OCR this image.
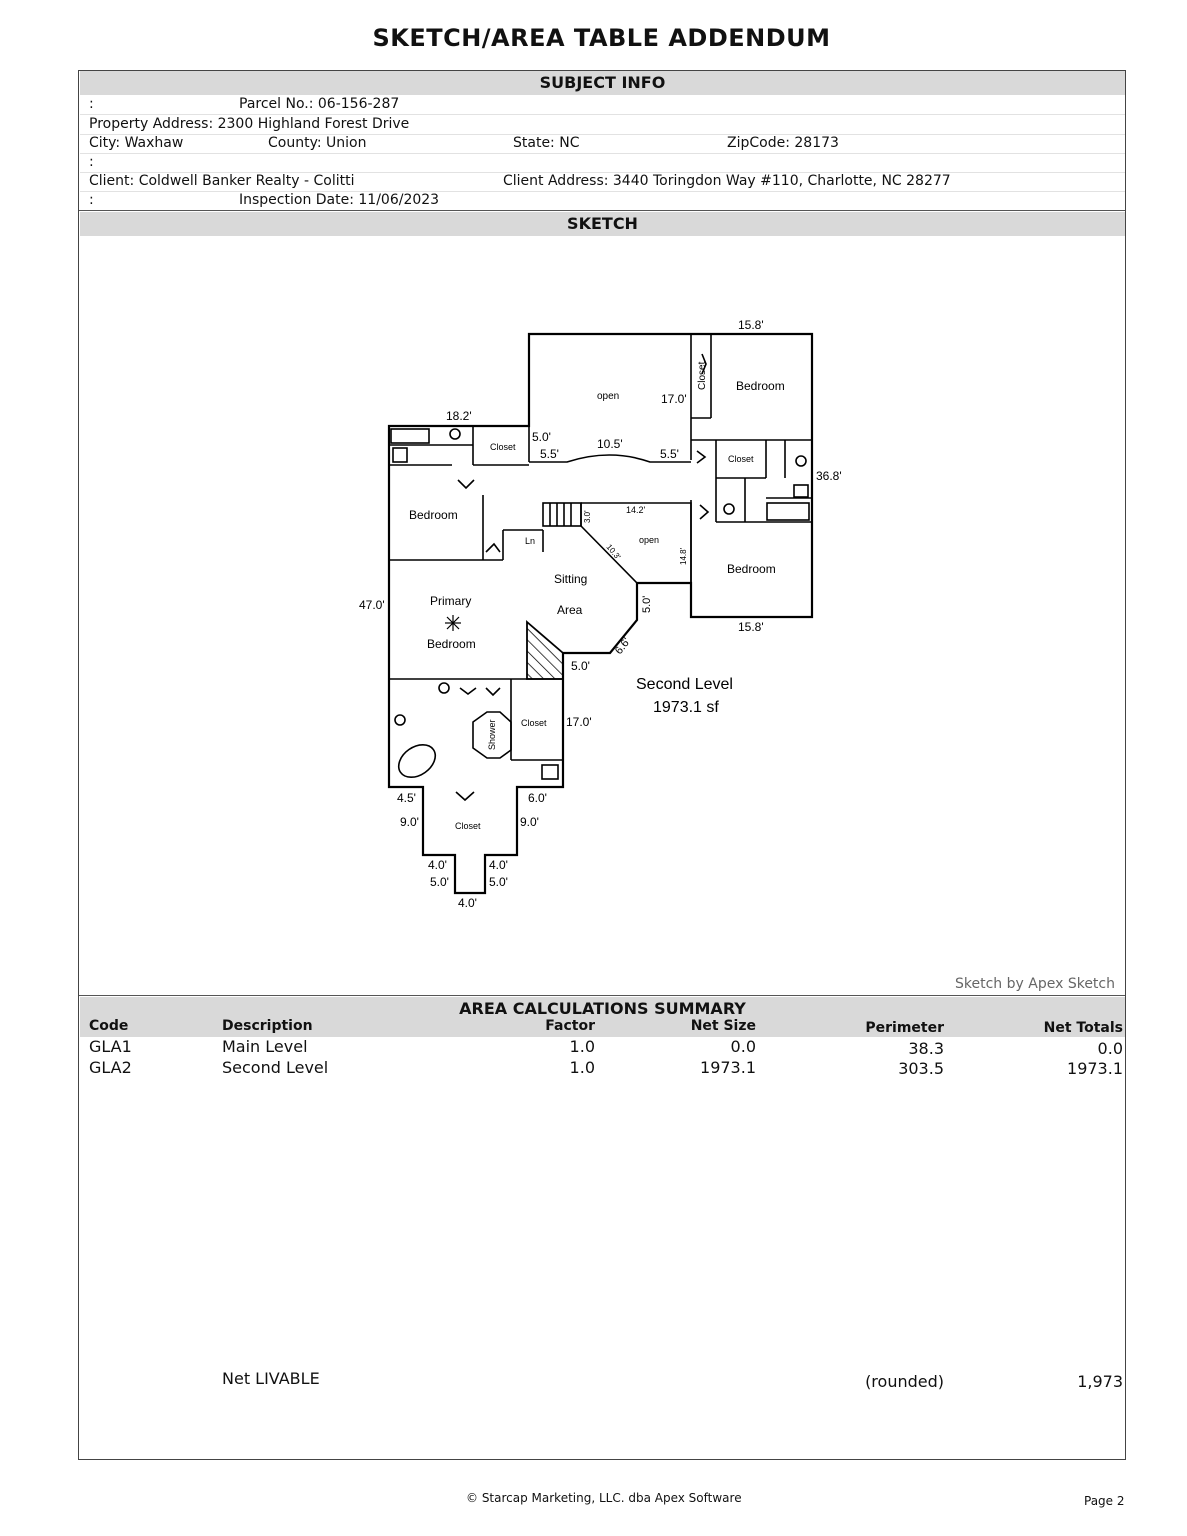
SKETCH/AREA TABLE ADDENDUM
SUBJECT INFO
:	Parcel No.: 06-156-287
Property Address: 2300 Highland Forest Drive
City: Waxhaw	County: Union	State: NC	ZipCode: 28173
:
Client: Coldwell Banker Realty - Colitti	Client Address: 3440 Toringdon Way #110, Charlotte, NC 28277
:	Inspection Date: 11/06/2023
SKETCH
open
Closet Bedroom
Closet
Closet
Bedroom
Ln	open
Sitting
Area
Bedroom
Primary
Bedroom
Closet
Shower
Closet
15.8'
17.0'
18.2'
5.0'	10.5'
5.5'	5.5'
36.8'
3.0'
14.2'
10.3'	14.8'
47.0'	5.0'
15.8'
6.6'
5.0'
17.0'
4.5'	6.0'
9.0'	9.0'
4.0'	4.0'
5.0'	5.0'
4.0'
Second Level
1973.1 sf
Sketch by Apex Sketch
AREA CALCULATIONS SUMMARY
Code	Description	Factor	Net Size	Perimeter	Net Totals
GLA1	Main Level	1.0	0.0	38.3	0.0
GLA2	Second Level	1.0	1973.1	303.5	1973.1
Net LIVABLE	(rounded)	1,973
© Starcap Marketing, LLC. dba Apex Software	Page 2
